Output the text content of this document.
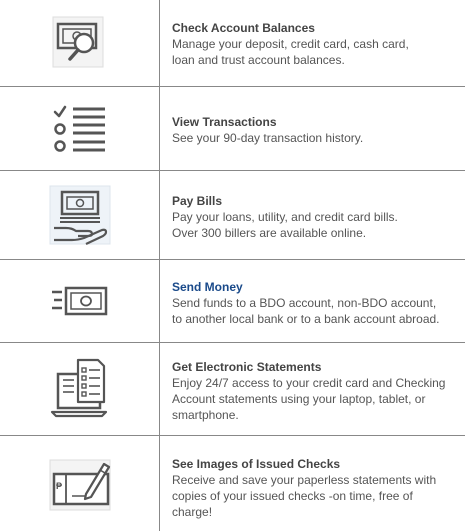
Check Account Balances

Manage your deposit, credit card, cash card,
loan and trust account balances.

View Transactions

See your 90-day transaction history.

Pay Bills

Pay your loans, utility, and credit card bills.
Over 300 billers are available online.

Send Money

Send funds to a BDO account, non-BDO account,
to another local bank or to a bank account abroad.

Get Electronic Statements

Enjoy 24/7 access to your credit card and Checking
Account statements using your laptop, tablet, or
smartphone.

₱

See Images of Issued Checks

Receive and save your paperless statements with
copies of your issued checks -on time, free of
charge!
